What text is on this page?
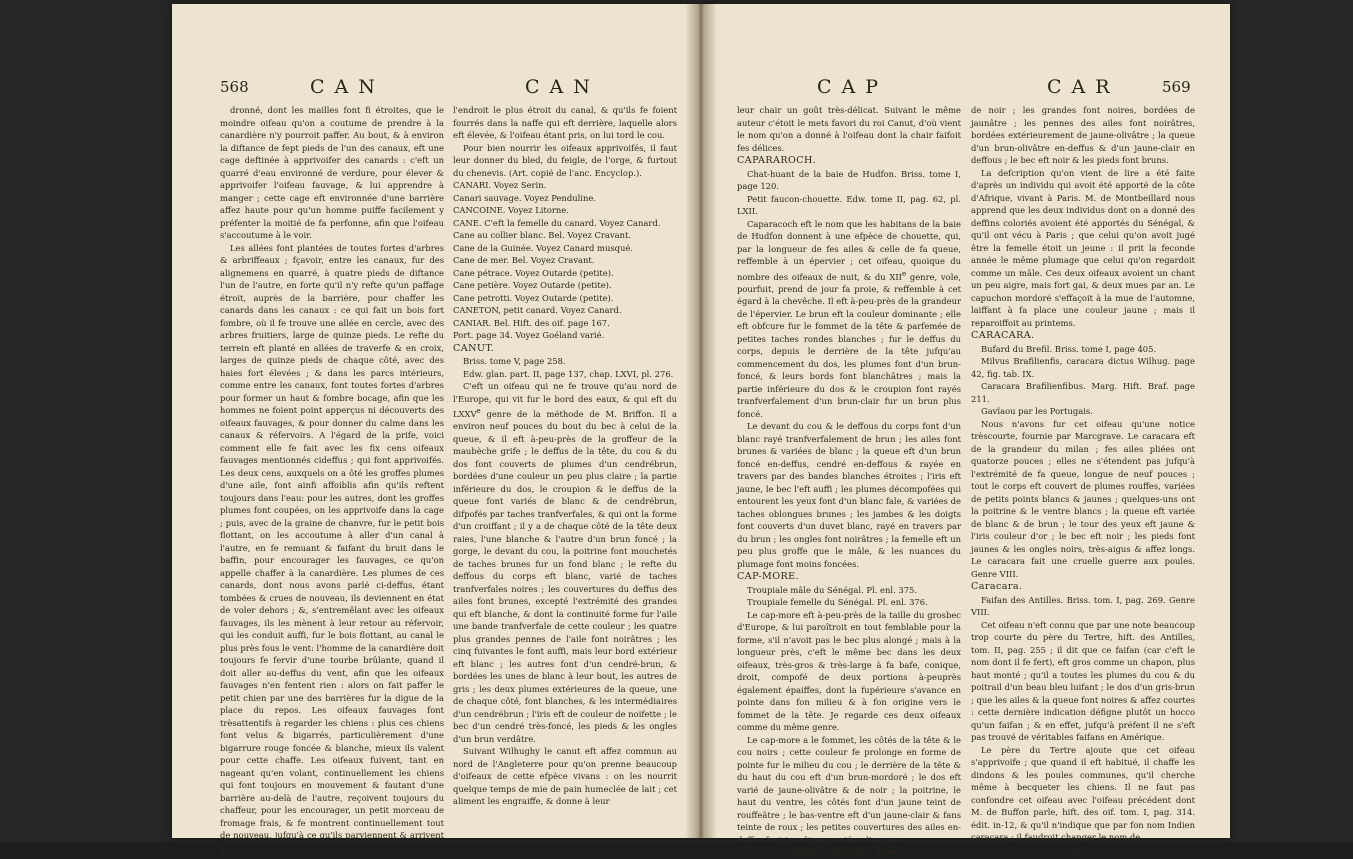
568	CAN	CAN

dronné, dont les mailles font fi étroites, que le moindre oifeau qu'on a coutume de prendre à la canardière n'y pourroit paffer. Au bout, & à environ la diftance de fept pieds de l'un des canaux, eft une cage deftinée à apprivoifer des canards : c'eft un quarré d'eau environné de verdure, pour élever & apprivoifer l'oifeau fauvage, & lui apprendre à manger ; cette cage eft environnée d'une barrière affez haute pour qu'un homme puiffe facilement y préfenter la moitié de fa perfonne, afin que l'oifeau s'accoutume à le voir.

Les allées font plantées de toutes fortes d'arbres & arbriffeaux ; fçavoir, entre les canaux, fur des alignemens en quarré, à quatre pieds de diftance l'un de l'autre, en forte qu'il n'y refte qu'un paffage étroit, auprès de la barrière, pour chaffer les canards dans les canaux : ce qui fait un bois fort fombre, où il fe trouve une allée en cercle, avec des arbres fruitiers, large de quinze pieds. Le refte du terrein eft planté en allées de traverfe & en croix, larges de quinze pieds de chaque côté, avec des haies fort élevées ; & dans les parcs intérieurs, comme entre les canaux, font toutes fortes d'arbres pour former un haut & fombre bocage, afin que les hommes ne foient point apperçus ni découverts des oifeaux fauvages, & pour donner du calme dans les canaux & réfervoirs. A l'égard de la prife, voici comment elle fe fait avec les fix cens oifeaux fauvages mentionnés cideffus ; qui font apprivoifés. Les deux cens, auxquels on a ôté les groffes plumes d'une aile, font ainfi affoiblis afin qu'ils reftent toujours dans l'eau: pour les autres, dont les groffes plumes font coupées, on les apprivoife dans la cage ; puis, avec de la graine de chanvre, fur le petit bois flottant, on les accoutume à aller d'un canal à l'autre, en fe remuant & faifant du bruit dans le baffin, pour encourager les fauvages, ce qu'on appelle chaffer à la canardière. Les plumes de ces canards, dont nous avons parlé ci-deffus, étant tombées & crues de nouveau, ils deviennent en état de voler dehors ; &, s'entremêlant avec les oifeaux fauvages, ils les mènent à leur retour au réfervoir, qui les conduit auffi, fur le bois flottant, au canal le plus près fous le vent: l'homme de la canardière doit toujours fe fervir d'une tourbe brûlante, quand il doit aller au-deffus du vent, afin que les oifeaux fauvages n'en fentent rien : alors on fait paffer le petit chien par une des barrières fur la digue de la place du repos. Les oifeaux fauvages font trèsattentifs à regarder les chiens : plus ces chiens font velus & bigarrés, particulièrement d'une bigarrure rouge foncée & blanche, mieux ils valent pour cette chaffe. Les oifeaux fuivent, tant en nageant qu'en volant, continuellement les chiens qui font toujours en mouvement & fautant d'une barrière au-delà de l'autre, reçoivent toujours du chaffeur, pour les encourager, un petit morceau de fromage frais, & fe montrent continuellement tout de nouveau, jufqu'à ce qu'ils parviennent & arrivent à

l'endroit le plus étroit du canal, & qu'ils fe foient fourrés dans la naffe qui eft derrière, laquelle alors eft élevée, & l'oifeau étant pris, on lui tord le cou.

Pour bien nourrir les oifeaux apprivoifés, il faut leur donner du bled, du feigle, de l'orge, & furtout du chenevis. (Art. copié de l'anc. Encyclop.).

CANARI. Voyez Serin.

Canari sauvage. Voyez Penduline.

CANCOINE. Voyez Litorne.

CANE. C'eft la femelle du canard. Voyez Canard.

Cane au collier blanc. Bel. Voyez Cravant.

Cane de la Guinée. Voyez Canard musqué.

Cane de mer. Bel. Voyez Cravant.

Cane pétrace. Voyez Outarde (petite).

Cane petière. Voyez Outarde (petite).

Cane petrotti. Voyez Outarde (petite).

CANETON, petit canard. Voyez Canard.

CANIAR. Bel. Hift. des oif. page 167.

Port. page 34. Voyez Goéland varié.

CANUT.

Briss. tome V, page 258.

Edw. glan. part. II, page 137, chap. LXVI, pl. 276.

C'eft un oifeau qui ne fe trouve qu'au nord de l'Europe, qui vit fur le bord des eaux, & qui eft du LXXVe genre de la méthode de M. Briffon. Il a environ neuf pouces du bout du bec à celui de la queue, & il eft à-peu-près de la groffeur de la maubèche grife ; le deffus de la tête, du cou & du dos font couverts de plumes d'un cendrébrun, bordées d'une couleur un peu plus claire ; la partie inférieure du dos, le croupion & le deffus de la queue font variés de blanc & de cendrébrun, difpofés par taches tranfverfales, & qui ont la forme d'un croiffant ; il y a de chaque côté de la tête deux raies, l'une blanche & l'autre d'un brun foncé ; la gorge, le devant du cou, la poitrine font mouchetés de taches brunes fur un fond blanc ; le refte du deffous du corps eft blanc, varié de taches tranfverfales noires ; les couvertures du deffus des ailes font brunes, excepté l'extrémité des grandes qui eft blanche, & dont la continuité forme fur l'aile une bande tranfverfale de cette couleur ; les quatre plus grandes pennes de l'aile font noirâtres ; les cinq fuivantes le font auffi, mais leur bord extérieur eft blanc ; les autres font d'un cendré-brun, & bordées les unes de blanc à leur bout, les autres de gris ; les deux plumes extérieures de la queue, une de chaque côté, font blanches, & les intermédiaires d'un cendrébrun ; l'iris eft de couleur de noifette ; le bec d'un cendré très-foncé, les pieds & les ongles d'un brun verdâtre.

Suivant Wilhughy le canut eft affez commun au nord de l'Angleterre pour qu'on prenne beaucoup d'oifeaux de cette efpèce vivans : on les nourrit quelque temps de mie de pain humeclée de lait ; cet aliment les engraiffe, & donne à leur

CAP	CAR	569

leur chair un goût très-délicat. Suivant le même auteur c'étoit le mets favori du roi Canut, d'où vient le nom qu'on a donné à l'oifeau dont la chair faifoit fes délices.

CAPARAROCH.

Chat-huant de la baie de Hudfon. Briss. tome I, page 120.

Petit faucon-chouette. Edw. tome II, pag. 62, pl. LXII.

Caparacoch eft le nom que les habitans de la baie de Hudfon donnent à une efpèce de chouette, qui, par la longueur de fes ailes & celle de fa queue, reffemble à un épervier ; cet oifeau, quoique du nombre des oifeaux de nuit, & du XIIe genre, vole, pourfuit, prend de jour fa proie, & reffemble à cet égard à la chevêche. Il eft à-peu-près de la grandeur de l'épervier. Le brun eft la couleur dominante ; elle eft obfcure fur le fommet de la tête & parfemée de petites taches rondes blanches ; fur le deffus du corps, depuis le derrière de la tête jufqu'au commencement du dos, les plumes font d'un brun-foncé, & leurs bords font blanchâtres ; mais la partie inférieure du dos & le croupion font rayés tranfverfalement d'un brun-clair fur un brun plus foncé.

Le devant du cou & le deffous du corps font d'un blanc rayé tranfverfalement de brun ; les ailes font brunes & variées de blanc ; la queue eft d'un brun foncé en-deffus, cendré en-deffous & rayée en travers par des bandes blanches étroites ; l'iris eft jaune, le bec l'eft auffi ; les plumes décompofées qui entourent les yeux font d'un blanc fale, & variées de taches oblongues brunes ; les jambes & les doigts font couverts d'un duvet blanc, rayé en travers par du brun ; les ongles font noirâtres ; la femelle eft un peu plus groffe que le mâle, & les nuances du plumage font moins foncées.

CAP-MORE.

Troupiale mâle du Sénégal. Pl. enl. 375.

Troupiale femelle du Sénégal. Pl. enl. 376.

Le cap-more eft à-peu-près de la taille du grosbec d'Europe, & lui paroîtroit en tout femblable pour la forme, s'il n'avoit pas le bec plus alongé ; mais à la longueur près, c'eft le même bec dans les deux oifeaux, très-gros & très-large à fa bafe, conique, droit, compofé de deux portions à-peuprès également épaiffes, dont la fupérieure s'avance en pointe dans fon milieu & à fon origine vers le fommet de la tête. Je regarde ces deux oifeaux comme du même genre.

Le cap-more a le fommet, les côtés de la tête & le cou noirs ; cette couleur fe prolonge en forme de pointe fur le milieu du cou ; le derrière de la tête & du haut du cou eft d'un brun-mordoré ; le dos eft varié de jaune-olivâtre & de noir ; la poitrine, le haut du ventre, les côtés font d'un jaune teint de rouffeâtre ; le bas-ventre eft d'un jaune-clair & fans teinte de roux ; les petites couvertures des ailes en-deffus font jaunâtres, variées d'un peu

Hiftoire Naturelle. Tome I.

de noir ; les grandes font noires, bordées de jaunâtre ; les pennes des ailes font noirâtres, bordées extérieurement de jaune-olivâtre ; la queue d'un brun-olivâtre en-deffus & d'un jaune-clair en deffous ; le bec eft noir & les pieds font bruns.

La defcription qu'on vient de lire a été faite d'après un individu qui avoit été apporté de la côte d'Afrique, vivant à Paris. M. de Montbeillard nous apprend que les deux individus dont on a donné des deffins coloriés avoient été apportés du Sénégal, & qu'il ont vécu à Paris ; que celui qu'on avoit jugé être la femelle étoit un jeune : il prit la feconde année le même plumage que celui qu'on regardoit comme un mâle. Ces deux oifeaux avoient un chant un peu aigre, mais fort gai, & deux mues par an. Le capuchon mordoré s'effaçoit à la mue de l'automne, laiffant à fa place une couleur jaune ; mais il reparoiffoit au printems.

CARACARA.

Bufard du Brefil. Briss. tome I, page 405.

Milvus Brafilienfis, caracara dictus Wilhug. page 42, fig. tab. IX.

Caracara Brafilienfibus. Marg. Hift. Braf. page 211.

Gavïaou par les Portugais.

Nous n'avons fur cet oifeau qu'une notice trèscourte, fournie par Marcgrave. Le caracara eft de la grandeur du milan ; fes ailes pliées ont quatorze pouces ; elles ne s'étendent pas jufqu'à l'extrémité de fa queue, longue de neuf pouces ; tout le corps eft couvert de plumes rouffes, variées de petits points blancs & jaunes ; quelques-uns ont la poitrine & le ventre blancs ; la queue eft variée de blanc & de brun ; le tour des yeux eft jaune & l'iris couleur d'or ; le bec eft noir ; les pieds font jaunes & les ongles noirs, très-aigus & affez longs. Le caracara fait une cruelle guerre aux poules. Genre VIII.

Caracara.

Faifan des Antilles. Briss. tom. I, pag. 269. Genre VIII.

Cet oifeau n'eft connu que par une note beaucoup trop courte du père du Tertre, hift. des Antilles, tom. II, pag. 255 ; il dit que ce faifan (car c'eft le nom dont il fe fert), eft gros comme un chapon, plus haut monté ; qu'il a toutes les plumes du cou & du poitrail d'un beau bleu luifant ; le dos d'un gris-brun ; que les ailes & la queue font noires & affez courtes : cette dernière indication défigne plutôt un hocco qu'un faifan ; & en effet, jufqu'à préfent il ne s'eft pas trouvé de véritables faifans en Amérique.

Le père du Tertre ajoute que cet oifeau s'apprivoife ; que quand il eft habitué, il chaffe les dindons & les poules communes, qu'il cherche même à becqueter les chiens. Il ne faut pas confondre cet oifeau avec l'oifeau précédent dont M. de Buffon parle, hift. des oif. tom. I, pag. 314. édit. in-12, & qu'il n'indique que par fon nom Indien caracara ; il faudroit changer le nom de

Cccc
